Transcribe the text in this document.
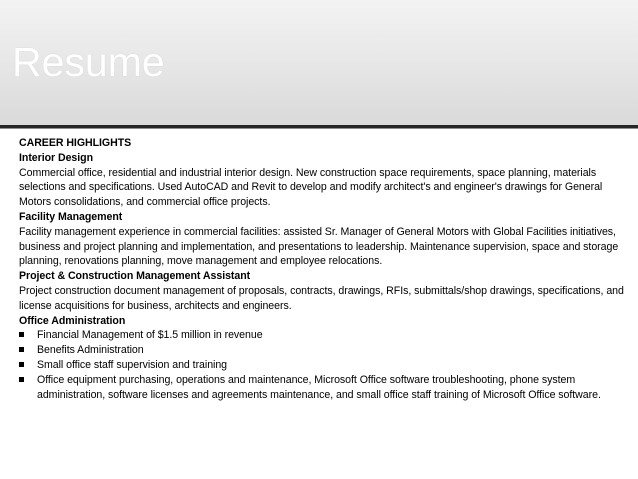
Resume

CAREER HIGHLIGHTS

Interior Design

Commercial office, residential and industrial interior design. New construction space requirements, space planning, materials selections and specifications. Used AutoCAD and Revit to develop and modify architect's and engineer's drawings for General Motors consolidations, and commercial office projects.

Facility Management

Facility management experience in commercial facilities: assisted Sr. Manager of General Motors with Global Facilities initiatives, business and project planning and implementation, and presentations to leadership. Maintenance supervision, space and storage planning, renovations planning, move management and employee relocations.

Project & Construction Management Assistant

Project construction document management of proposals, contracts, drawings, RFIs, submittals/shop drawings, specifications, and license acquisitions for business, architects and engineers.

Office Administration

Financial Management of $1.5 million in revenue
Benefits Administration
Small office staff supervision and training
Office equipment purchasing, operations and maintenance, Microsoft Office software troubleshooting, phone system administration, software licenses and agreements maintenance, and small office staff training of Microsoft Office software.
